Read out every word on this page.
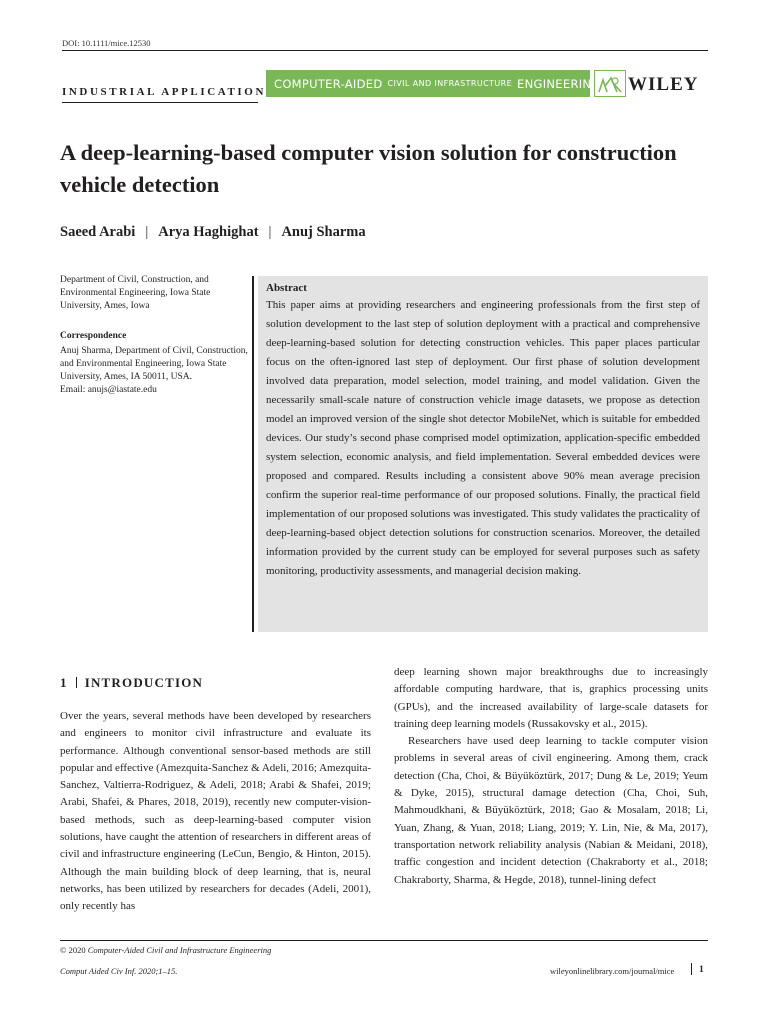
DOI: 10.1111/mice.12530
INDUSTRIAL APPLICATION
COMPUTER-AIDED CIVIL AND INFRASTRUCTURE ENGINEERING WILEY
A deep-learning-based computer vision solution for construction vehicle detection
Saeed Arabi | Arya Haghighat | Anuj Sharma
Department of Civil, Construction, and Environmental Engineering, Iowa State University, Ames, Iowa
Correspondence
Anuj Sharma, Department of Civil, Construction, and Environmental Engineering, Iowa State University, Ames, IA 50011, USA.
Email: anujs@iastate.edu
Abstract

This paper aims at providing researchers and engineering professionals from the first step of solution development to the last step of solution deployment with a practical and comprehensive deep-learning-based solution for detecting construction vehicles. This paper places particular focus on the often-ignored last step of deployment. Our first phase of solution development involved data preparation, model selection, model training, and model validation. Given the necessarily small-scale nature of construction vehicle image datasets, we propose as detection model an improved version of the single shot detector MobileNet, which is suitable for embedded devices. Our study’s second phase comprised model optimization, application-specific embedded system selection, economic analysis, and field implementation. Several embedded devices were proposed and compared. Results including a consistent above 90% mean average precision confirm the superior real-time performance of our proposed solutions. Finally, the practical field implementation of our proposed solutions was investigated. This study validates the practicality of deep-learning-based object detection solutions for construction scenarios. Moreover, the detailed information provided by the current study can be employed for several purposes such as safety monitoring, productivity assessments, and managerial decision making.

1 INTRODUCTION

Over the years, several methods have been developed by researchers and engineers to monitor civil infrastructure and evaluate its performance. Although conventional sensor-based methods are still popular and effective (Amezquita-Sanchez & Adeli, 2016; Amezquita-Sanchez, Valtierra-Rodriguez, & Adeli, 2018; Arabi & Shafei, 2019; Arabi, Shafei, & Phares, 2018, 2019), recently new computer-vision-based methods, such as deep-learning-based computer vision solutions, have caught the attention of researchers in different areas of civil and infrastructure engineering (LeCun, Bengio, & Hinton, 2015). Although the main building block of deep learning, that is, neural networks, has been utilized by researchers for decades (Adeli, 2001), only recently has

deep learning shown major breakthroughs due to increasingly affordable computing hardware, that is, graphics processing units (GPUs), and the increased availability of large-scale datasets for training deep learning models (Russakovsky et al., 2015).

Researchers have used deep learning to tackle computer vision problems in several areas of civil engineering. Among them, crack detection (Cha, Choi, & Büyüköztürk, 2017; Dung & Le, 2019; Yeum & Dyke, 2015), structural damage detection (Cha, Choi, Suh, Mahmoudkhani, & Büyüköztürk, 2018; Gao & Mosalam, 2018; Li, Yuan, Zhang, & Yuan, 2018; Liang, 2019; Y. Lin, Nie, & Ma, 2017), transportation network reliability analysis (Nabian & Meidani, 2018), traffic congestion and incident detection (Chakraborty et al., 2018; Chakraborty, Sharma, & Hegde, 2018), tunnel-lining defect

© 2020 Computer-Aided Civil and Infrastructure Engineering
Comput Aided Civ Inf. 2020;1–15.	wileyonlinelibrary.com/journal/mice	1
